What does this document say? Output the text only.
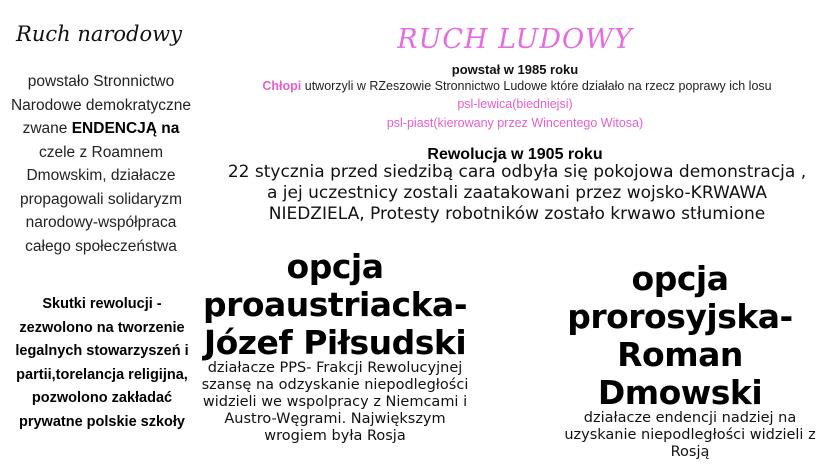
Ruch narodowy
powstało Stronnictwo Narodowe demokratyczne zwane ENDENCJĄ na czele z Roamnem Dmowskim, działacze propagowali solidaryzm narodowy-współpraca całego społeczeństwa
Skutki rewolucji - zezwolono na tworzenie legalnych stowarzyszeń i partii,torelancja religijna, pozwolono zakładać prywatne polskie szkoły
RUCH LUDOWY
powstał w 1985 roku
Chłopi utworzyli w RZeszowie Stronnictwo Ludowe które działało na rzecz poprawy ich losu
psl-lewica(biedniejsi)
psl-piast(kierowany przez Wincentego Witosa)
Rewolucja w 1905 roku
22 stycznia przed siedzibą cara odbyła się pokojowa demonstracja , a jej uczestnicy zostali zaatakowani przez wojsko-KRWAWA NIEDZIELA, Protesty robotników zostało krwawo stłumione
opcja proaustriacka-Józef Piłsudski
działacze PPS- Frakcji Rewolucyjnej szansę na odzyskanie niepodległości widzieli we wspolpracy z Niemcami i Austro-Węgrami. Największym wrogiem była Rosja
opcja prorosyjska-Roman Dmowski
działacze endencji nadziej na uzyskanie niepodległości widzieli z Rosją
